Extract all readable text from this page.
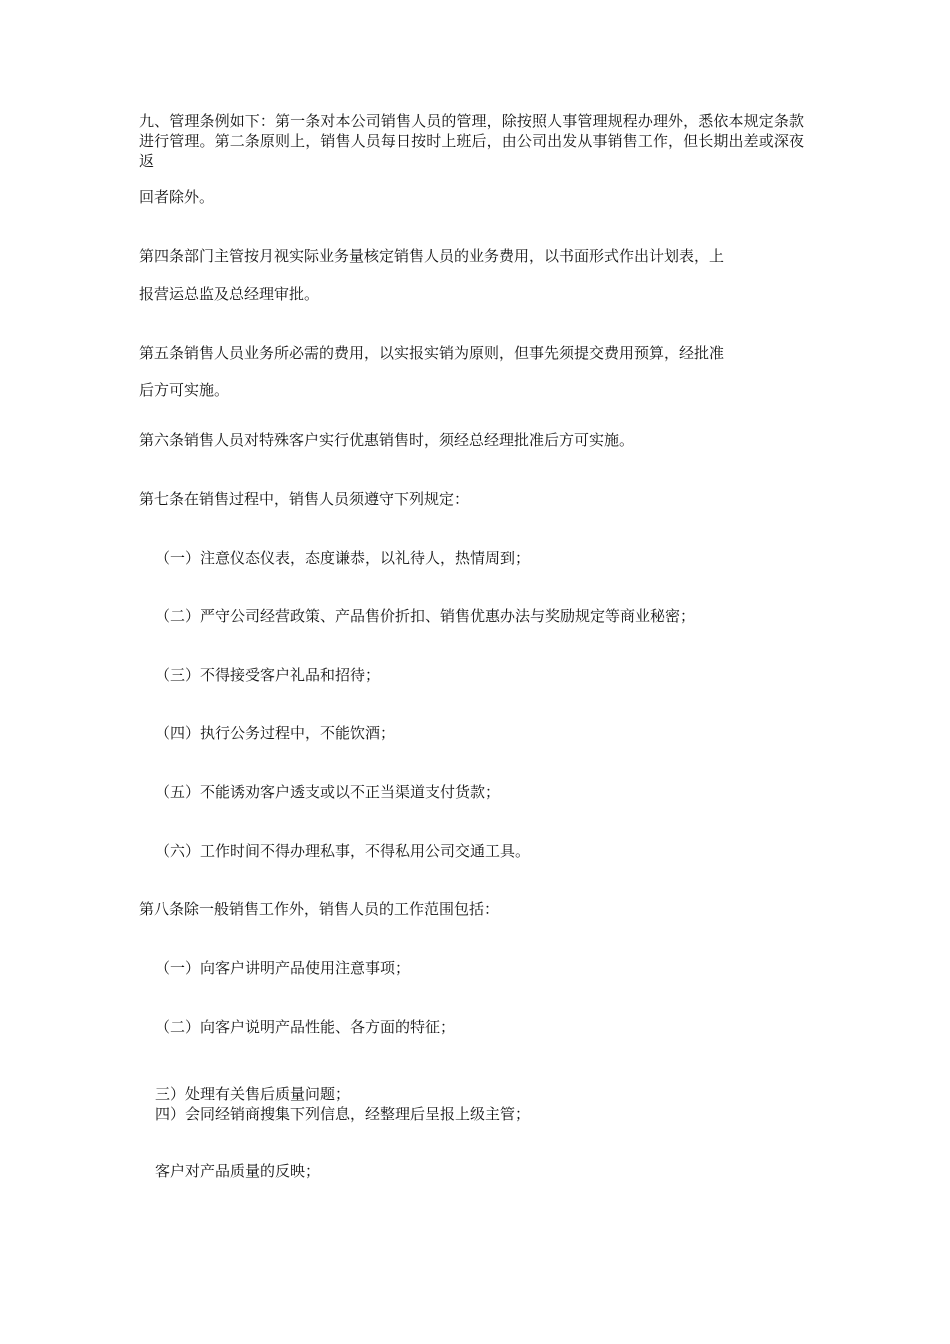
九、管理条例如下：第一条对本公司销售人员的管理，除按照人事管理规程办理外，悉依本规定条款进行管理。第二条原则上，销售人员每日按时上班后，由公司出发从事销售工作，但长期出差或深夜返

回者除外。

第四条部门主管按月视实际业务量核定销售人员的业务费用，以书面形式作出计划表，上

报营运总监及总经理审批。

第五条销售人员业务所必需的费用，以实报实销为原则，但事先须提交费用预算，经批准

后方可实施。

第六条销售人员对特殊客户实行优惠销售时，须经总经理批准后方可实施。

第七条在销售过程中，销售人员须遵守下列规定：

（一）注意仪态仪表，态度谦恭，以礼待人，热情周到；

（二）严守公司经营政策、产品售价折扣、销售优惠办法与奖励规定等商业秘密；

（三）不得接受客户礼品和招待；

（四）执行公务过程中，不能饮酒；

（五）不能诱劝客户透支或以不正当渠道支付货款；

（六）工作时间不得办理私事，不得私用公司交通工具。

第八条除一般销售工作外，销售人员的工作范围包括：

（一）向客户讲明产品使用注意事项；

（二）向客户说明产品性能、各方面的特征；

三）处理有关售后质量问题；

四）会同经销商搜集下列信息，经整理后呈报上级主管；

客户对产品质量的反映；
